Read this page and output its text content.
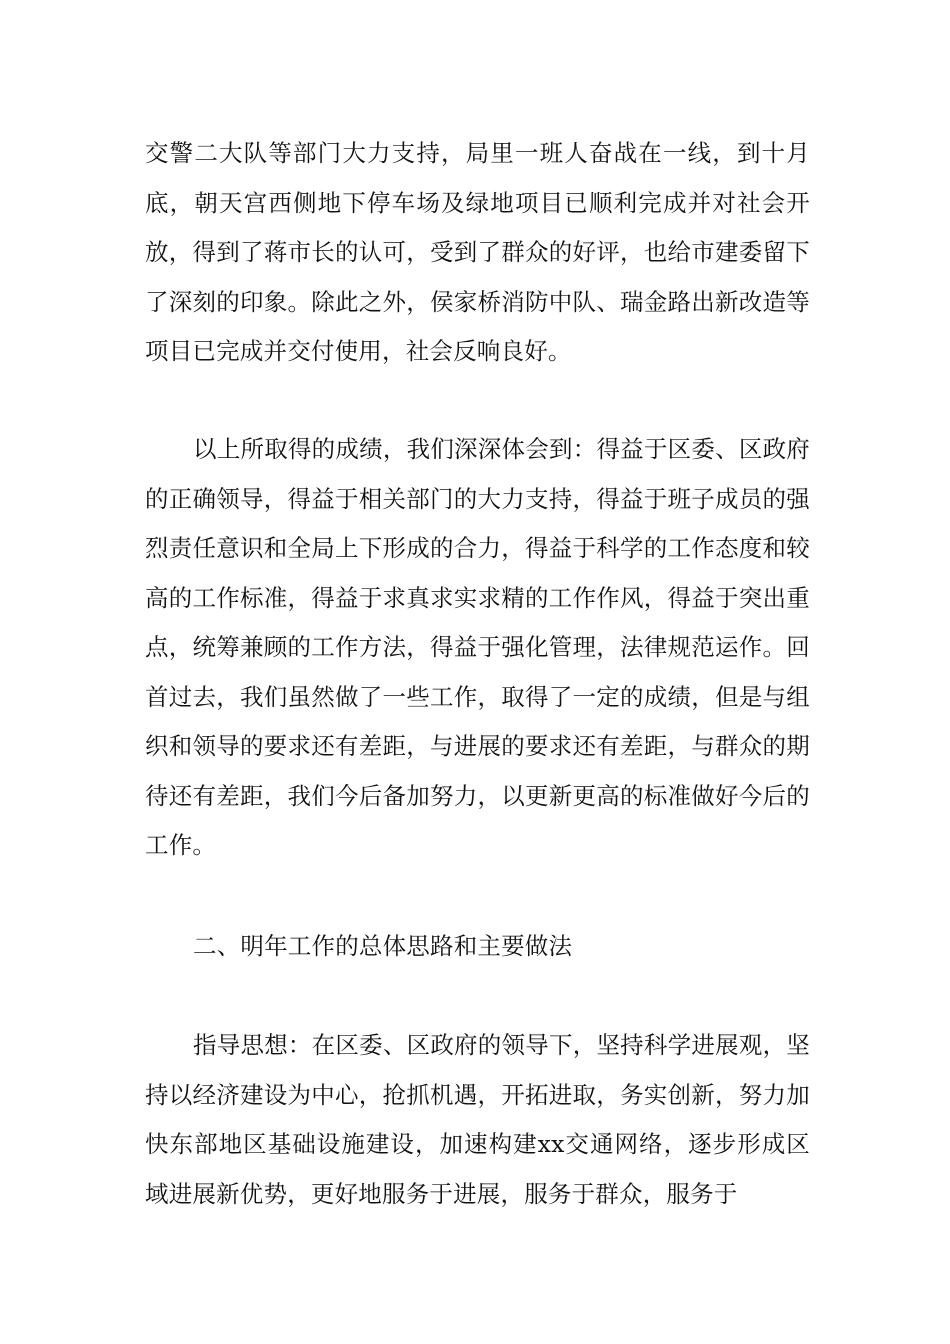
交警二大队等部门大力支持，局里一班人奋战在一线，到十月底，朝天宫西侧地下停车场及绿地项目已顺利完成并对社会开放，得到了蒋市长的认可，受到了群众的好评，也给市建委留下了深刻的印象。除此之外，侯家桥消防中队、瑞金路出新改造等项目已完成并交付使用，社会反响良好。

以上所取得的成绩，我们深深体会到：得益于区委、区政府的正确领导，得益于相关部门的大力支持，得益于班子成员的强烈责任意识和全局上下形成的合力，得益于科学的工作态度和较高的工作标准，得益于求真求实求精的工作作风，得益于突出重点，统筹兼顾的工作方法，得益于强化管理，法律规范运作。回首过去，我们虽然做了一些工作，取得了一定的成绩，但是与组织和领导的要求还有差距，与进展的要求还有差距，与群众的期待还有差距，我们今后备加努力，以更新更高的标准做好今后的工作。

二、明年工作的总体思路和主要做法

指导思想：在区委、区政府的领导下，坚持科学进展观，坚持以经济建设为中心，抢抓机遇，开拓进取，务实创新，努力加快东部地区基础设施建设，加速构建xx交通网络，逐步形成区域进展新优势，更好地服务于进展，服务于群众，服务于
